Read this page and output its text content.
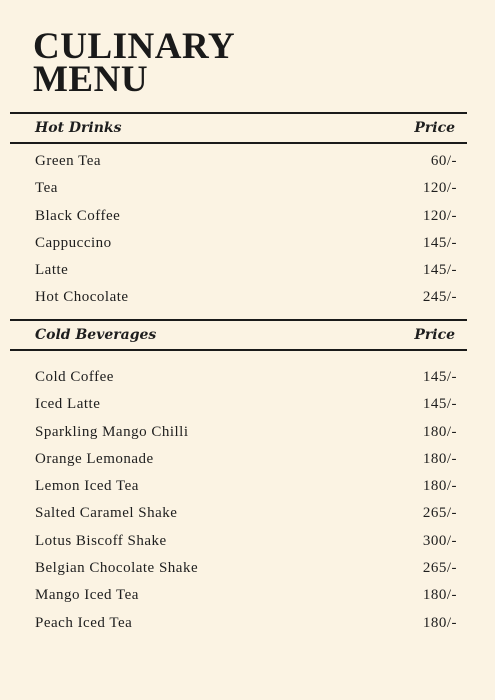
CULINARY
MENU
Hot Drinks	Price
Green Tea	60/-
Tea	120/-
Black Coffee	120/-
Cappuccino	145/-
Latte	145/-
Hot Chocolate	245/-
Cold Beverages	Price
Cold Coffee	145/-
Iced Latte	145/-
Sparkling Mango Chilli	180/-
Orange Lemonade	180/-
Lemon Iced Tea	180/-
Salted Caramel Shake	265/-
Lotus Biscoff Shake	300/-
Belgian Chocolate Shake	265/-
Mango Iced Tea	180/-
Peach Iced Tea	180/-
